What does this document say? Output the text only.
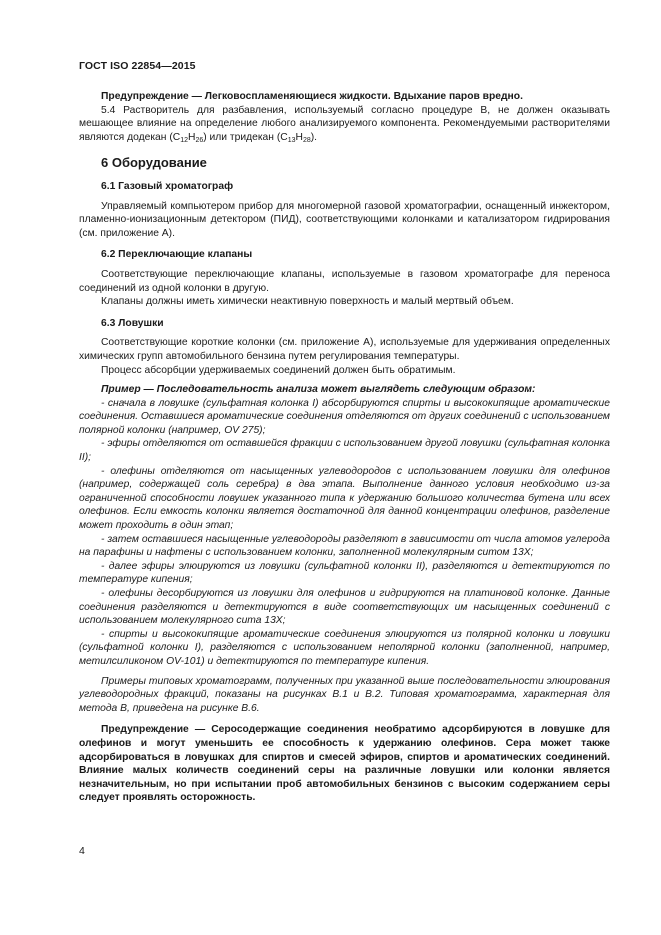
ГОСТ ISO 22854—2015

Предупреждение — Легковоспламеняющиеся жидкости. Вдыхание паров вредно.

5.4 Растворитель для разбавления, используемый согласно процедуре В, не должен оказывать мешающее влияние на определение любого анализируемого компонента. Рекомендуемыми растворителями являются додекан $(C_{12}H_{26})$ или тридекан $(C_{13}H_{28})$.

6 Оборудование
6.1 Газовый хроматограф

Управляемый компьютером прибор для многомерной газовой хроматографии, оснащенный инжектором, пламенно-ионизационным детектором (ПИД), соответствующими колонками и катализатором гидрирования (см. приложение А).

6.2 Переключающие клапаны

Соответствующие переключающие клапаны, используемые в газовом хроматографе для переноса соединений из одной колонки в другую.

Клапаны должны иметь химически неактивную поверхность и малый мертвый объем.

6.3 Ловушки

Соответствующие короткие колонки (см. приложение А), используемые для удерживания определенных химических групп автомобильного бензина путем регулирования температуры.

Процесс абсорбции удерживаемых соединений должен быть обратимым.

Пример — Последовательность анализа может выглядеть следующим образом:

- сначала в ловушке (сульфатная колонка I) абсорбируются спирты и высококипящие ароматические соединения. Оставшиеся ароматические соединения отделяются от других соединений с использованием полярной колонки (например, OV 275);

- эфиры отделяются от оставшейся фракции с использованием другой ловушки (сульфатная колонка II);

- олефины отделяются от насыщенных углеводородов с использованием ловушки для олефинов (например, содержащей соль серебра) в два этапа. Выполнение данного условия необходимо из-за ограниченной способности ловушек указанного типа к удержанию большого количества бутена или всех олефинов. Если емкость колонки является достаточной для данной концентрации олефинов, разделение может проходить в один этап;

- затем оставшиеся насыщенные углеводороды разделяют в зависимости от числа атомов углерода на парафины и нафтены с использованием колонки, заполненной молекулярным ситом 13X;

- далее эфиры элюируются из ловушки (сульфатной колонки II), разделяются и детектируются по температуре кипения;

- олефины десорбируются из ловушки для олефинов и гидрируются на платиновой колонке. Данные соединения разделяются и детектируются в виде соответствующих им насыщенных соединений с использованием молекулярного сита 13X;

- спирты и высококипящие ароматические соединения элюируются из полярной колонки и ловушки (сульфатной колонки I), разделяются с использованием неполярной колонки (заполненной, например, метилсиликоном OV-101) и детектируются по температуре кипения.

Примеры типовых хроматограмм, полученных при указанной выше последовательности элюирования углеводородных фракций, показаны на рисунках В.1 и В.2. Типовая хроматограмма, характерная для метода В, приведена на рисунке В.6.

Предупреждение — Серосодержащие соединения необратимо адсорбируются в ловушке для олефинов и могут уменьшить ее способность к удержанию олефинов. Сера может также адсорбироваться в ловушках для спиртов и смесей эфиров, спиртов и ароматических соединений. Влияние малых количеств соединений серы на различные ловушки или колонки является незначительным, но при испытании проб автомобильных бензинов с высоким содержанием серы следует проявлять осторожность.

4
